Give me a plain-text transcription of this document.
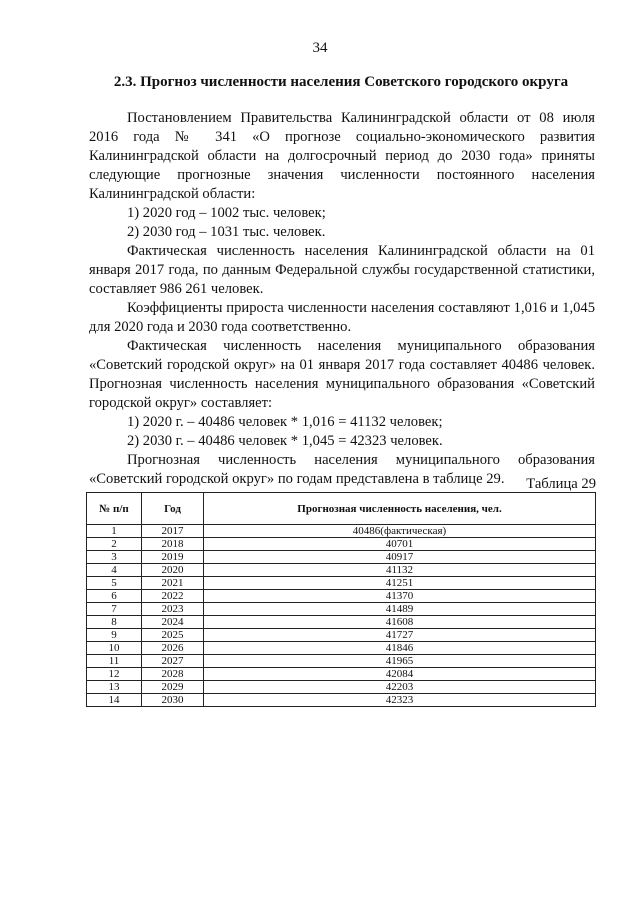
34
2.3. Прогноз численности населения Советского городского округа

Постановлением Правительства Калининградской области от 08 июля 2016 года № 341 «О прогнозе социально-экономического развития Калининградской области на долгосрочный период до 2030 года» приняты следующие прогнозные значения численности постоянного населения Калининградской области:

1) 2020 год – 1002 тыс. человек;

2) 2030 год – 1031 тыс. человек.

Фактическая численность населения Калининградской области на 01 января 2017 года, по данным Федеральной службы государственной статистики, составляет 986 261 человек.

Коэффициенты прироста численности населения составляют 1,016 и 1,045 для 2020 года и 2030 года соответственно.

Фактическая численность населения муниципального образования «Советский городской округ» на 01 января 2017 года составляет 40486 человек. Прогнозная численность населения муниципального образования «Советский городской округ» составляет:

1) 2020 г. – 40486 человек * 1,016 = 41132 человек;

2) 2030 г. – 40486 человек * 1,045 = 42323 человек.

Прогнозная численность населения муниципального образования «Советский городской округ» по годам представлена в таблице 29.	Таблица 29
№ п/п	Год	Прогнозная численность населения, чел.
1	2017	40486(фактическая)
2	2018	40701
3	2019	40917
4	2020	41132
5	2021	41251
6	2022	41370
7	2023	41489
8	2024	41608
9	2025	41727
10	2026	41846
11	2027	41965
12	2028	42084
13	2029	42203
14	2030	42323
